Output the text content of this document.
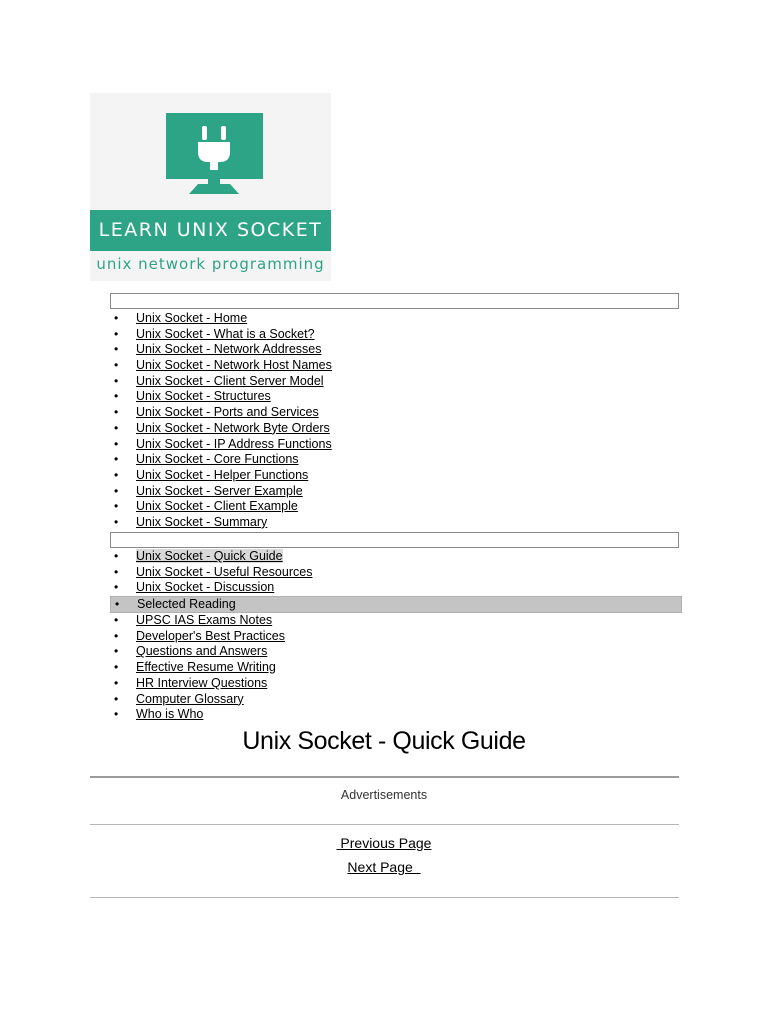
LEARN UNIX SOCKET
unix network programming
• Unix Socket - Home
• Unix Socket - What is a Socket?
• Unix Socket - Network Addresses
• Unix Socket - Network Host Names
• Unix Socket - Client Server Model
• Unix Socket - Structures
• Unix Socket - Ports and Services
• Unix Socket - Network Byte Orders
• Unix Socket - IP Address Functions
• Unix Socket - Core Functions
• Unix Socket - Helper Functions
• Unix Socket - Server Example
• Unix Socket - Client Example
• Unix Socket - Summary
• Unix Socket - Quick Guide
• Unix Socket - Useful Resources
• Unix Socket - Discussion
• Selected Reading
• UPSC IAS Exams Notes
• Developer's Best Practices
• Questions and Answers
• Effective Resume Writing
• HR Interview Questions
• Computer Glossary
• Who is Who
Unix Socket - Quick Guide
Advertisements
Previous Page
Next Page
